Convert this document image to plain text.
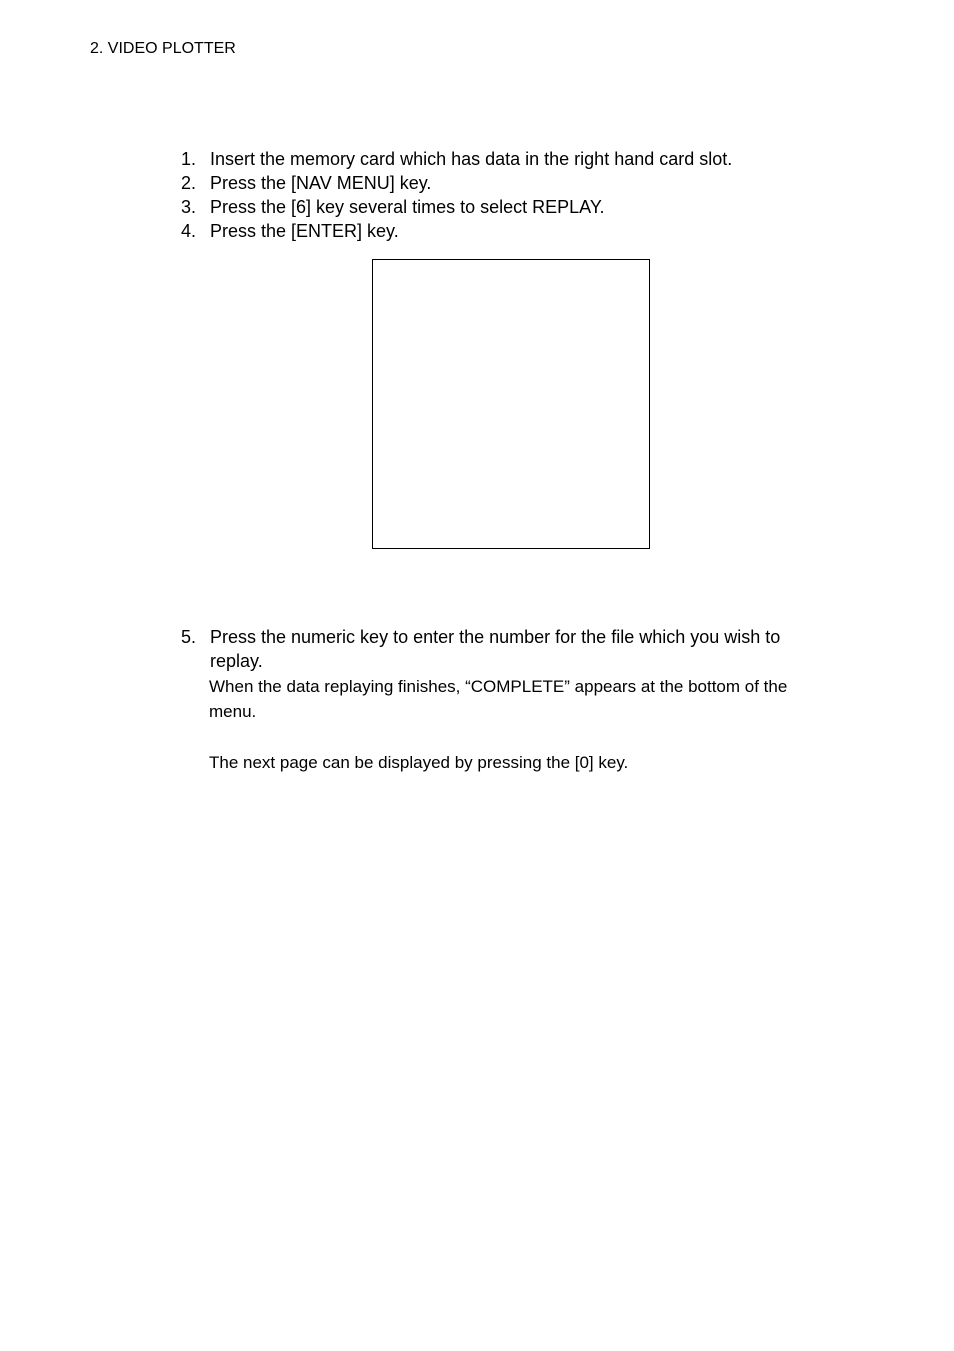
2. VIDEO PLOTTER
1. Insert the memory card which has data in the right hand card slot.
2. Press the [NAV MENU] key.
3. Press the [6] key several times to select REPLAY.
4. Press the [ENTER] key.
5. Press the numeric key to enter the number for the file which you wish to replay.
When the data replaying finishes, “COMPLETE” appears at the bottom of the menu.
The next page can be displayed by pressing the [0] key.
